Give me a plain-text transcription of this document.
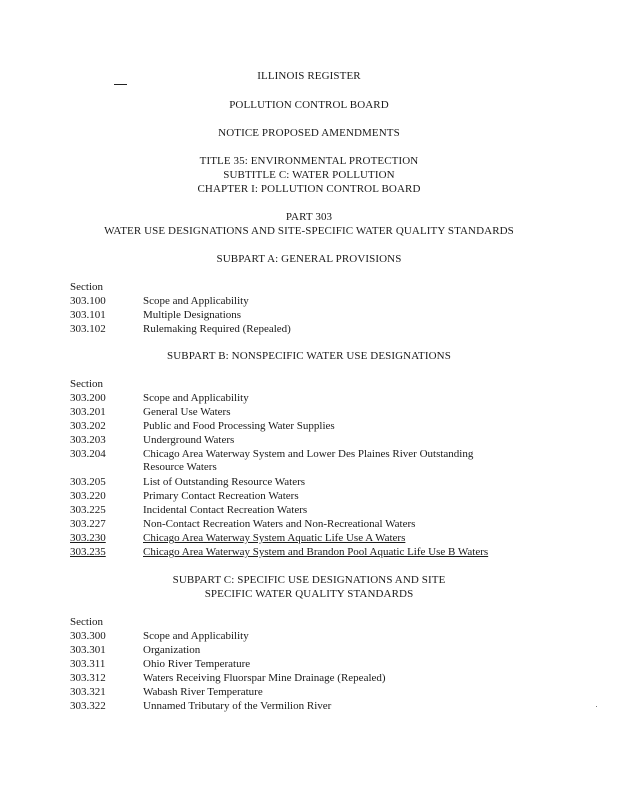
ILLINOIS REGISTER
POLLUTION CONTROL BOARD
NOTICE PROPOSED AMENDMENTS
TITLE 35: ENVIRONMENTAL PROTECTION
SUBTITLE C: WATER POLLUTION
CHAPTER I: POLLUTION CONTROL BOARD
PART 303
WATER USE DESIGNATIONS AND SITE-SPECIFIC WATER QUALITY STANDARDS
SUBPART A: GENERAL PROVISIONS
Section
303.100	Scope and Applicability
303.101	Multiple Designations
303.102	Rulemaking Required (Repealed)
SUBPART B: NONSPECIFIC WATER USE DESIGNATIONS
Section
303.200	Scope and Applicability
303.201	General Use Waters
303.202	Public and Food Processing Water Supplies
303.203	Underground Waters
303.204	Chicago Area Waterway System and Lower Des Plaines River Outstanding
Resource Waters
303.205	List of Outstanding Resource Waters
303.220	Primary Contact Recreation Waters
303.225	Incidental Contact Recreation Waters
303.227	Non-Contact Recreation Waters and Non-Recreational Waters
303.230	Chicago Area Waterway System Aquatic Life Use A Waters
303.235	Chicago Area Waterway System and Brandon Pool Aquatic Life Use B Waters
SUBPART C: SPECIFIC USE DESIGNATIONS AND SITE
SPECIFIC WATER QUALITY STANDARDS
Section
303.300	Scope and Applicability
303.301	Organization
303.311	Ohio River Temperature
303.312	Waters Receiving Fluorspar Mine Drainage (Repealed)
303.321	Wabash River Temperature
303.322	Unnamed Tributary of the Vermilion River
